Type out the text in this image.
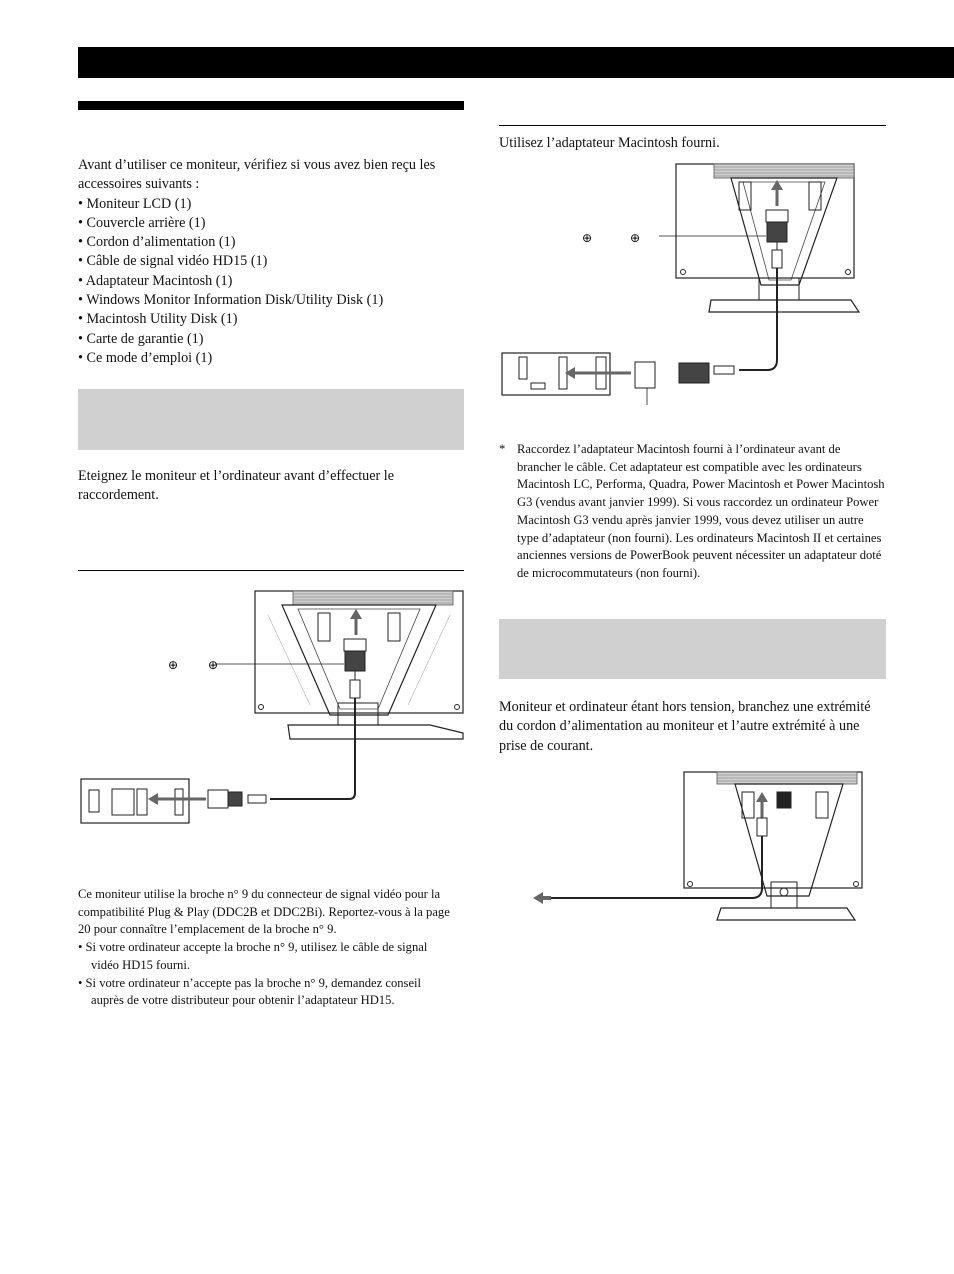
Avant d’utiliser ce moniteur, vérifiez si vous avez bien reçu les accessoires suivants :

• Moniteur LCD (1)
• Couvercle arrière (1)
• Cordon d’alimentation (1)
• Câble de signal vidéo HD15 (1)
• Adaptateur Macintosh (1)
• Windows Monitor Information Disk/Utility Disk (1)
• Macintosh Utility Disk (1)
• Carte de garantie (1)
• Ce mode d’emploi (1)

Eteignez le moniteur et l’ordinateur avant d’effectuer le raccordement.

⊕ ⊕

Ce moniteur utilise la broche n° 9 du connecteur de signal vidéo pour la compatibilité Plug & Play (DDC2B et DDC2Bi). Reportez-vous à la page 20 pour connaître l’emplacement de la broche n° 9.

• Si votre ordinateur accepte la broche n° 9, utilisez le câble de signal vidéo HD15 fourni.
• Si votre ordinateur n’accepte pas la broche n° 9, demandez conseil auprès de votre distributeur pour obtenir l’adaptateur HD15.

Utilisez l’adaptateur Macintosh fourni.

⊕	⊕
* Raccordez l’adaptateur Macintosh fourni à l’ordinateur avant de brancher le câble. Cet adaptateur est compatible avec les ordinateurs Macintosh LC, Performa, Quadra, Power Macintosh et Power Macintosh G3 (vendus avant janvier 1999). Si vous raccordez un ordinateur Power Macintosh G3 vendu après janvier 1999, vous devez utiliser un autre type d’adaptateur (non fourni). Les ordinateurs Macintosh II et certaines anciennes versions de PowerBook peuvent nécessiter un adaptateur doté de microcommutateurs (non fourni).

Moniteur et ordinateur étant hors tension, branchez une extrémité du cordon d’alimentation au moniteur et l’autre extrémité à une prise de courant.
